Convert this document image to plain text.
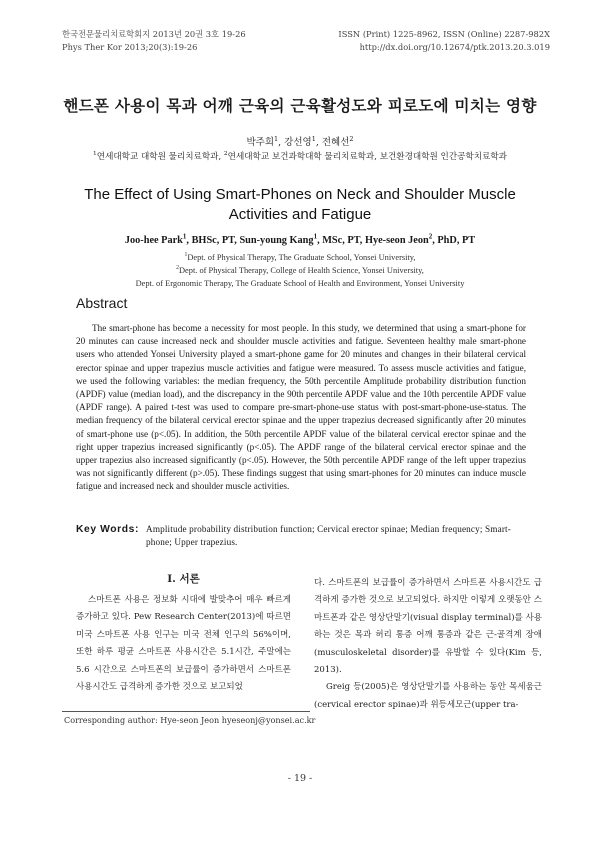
한국전문물리치료학회지 2013년 20권 3호 19-26	ISSN (Print) 1225-8962, ISSN (Online) 2287-982X
Phys Ther Kor 2013;20(3):19-26	http://dx.doi.org/10.12674/ptk.2013.20.3.019
핸드폰 사용이 목과 어깨 근육의 근육활성도와 피로도에 미치는 영향
박주희$^1$, 강선영$^1$, 전혜선$^2$
$^1$연세대학교 대학원 물리치료학과, $^2$연세대학교 보건과학대학 물리치료학과, 보건환경대학원 인간공학치료학과
The Effect of Using Smart-Phones on Neck and Shoulder Muscle Activities and Fatigue
Joo-hee Park$^1$, BHSc, PT, Sun-young Kang$^1$, MSc, PT, Hye-seon Jeon$^2$, PhD, PT
$^1$Dept. of Physical Therapy, The Graduate School, Yonsei University,
$^2$Dept. of Physical Therapy, College of Health Science, Yonsei University,
Dept. of Ergonomic Therapy, The Graduate School of Health and Environment, Yonsei University
Abstract

The smart-phone has become a necessity for most people. In this study, we determined that using a smart-phone for 20 minutes can cause increased neck and shoulder muscle activities and fatigue. Seventeen healthy male smart-phone users who attended Yonsei University played a smart-phone game for 20 minutes and changes in their bilateral cervical erector spinae and upper trapezius muscle activities and fatigue were measured. To assess muscle activities and fatigue, we used the following variables: the median frequency, the 50th percentile Amplitude probability distribution function (APDF) value (median load), and the discrepancy in the 90th percentile APDF value and the 10th percentile APDF value (APDF range). A paired t-test was used to compare pre-smart-phone-use status with post-smart-phone-use-status. The median frequency of the bilateral cervical erector spinae and the upper trapezius decreased significantly after 20 minutes of smart-phone use (p<.05). In addition, the 50th percentile APDF value of the bilateral cervical erector spinae and the right upper trapezius increased significantly (p<.05). The APDF range of the bilateral cervical erector spinae and the upper trapezius also increased significantly (p<.05). However, the 50th percentile APDF range of the left upper trapezius was not significantly different (p>.05). These findings suggest that using smart-phones for 20 minutes can induce muscle fatigue and increased neck and shoulder muscle activities.

Key Words: Amplitude probability distribution function; Cervical erector spinae; Median frequency; Smart-phone; Upper trapezius.
Ⅰ. 서론

스마트폰 사용은 정보화 시대에 발맞추어 매우 빠르게 증가하고 있다. Pew Research Center(2013)에 따르면 미국 스마트폰 사용 인구는 미국 전체 인구의 56%이며, 또한 하루 평균 스마트폰 사용시간은 5.1시간, 주말에는 5.6 시간으로 스마트폰의 보급률이 증가하면서 스마트폰 사용시간도 급격하게 증가한 것으로 보고되었

다. 스마트폰의 보급률이 증가하면서 스마트폰 사용시간도 급격하게 증가한 것으로 보고되었다. 하지만 이렇게 오랫동안 스마트폰과 같은 영상단말기(visual display terminal)를 사용하는 것은 목과 허리 통증 어깨 통증과 같은 근-골격계 장애(musculoskeletal disorder)를 유발할 수 있다(Kim 등, 2013).

Greig 등(2005)은 영상단말기를 사용하는 동안 목세움근(cervical erector spinae)과 위등세모근(upper tra-

Corresponding author: Hye-seon Jeon hyeseonj@yonsei.ac.kr
- 19 -
